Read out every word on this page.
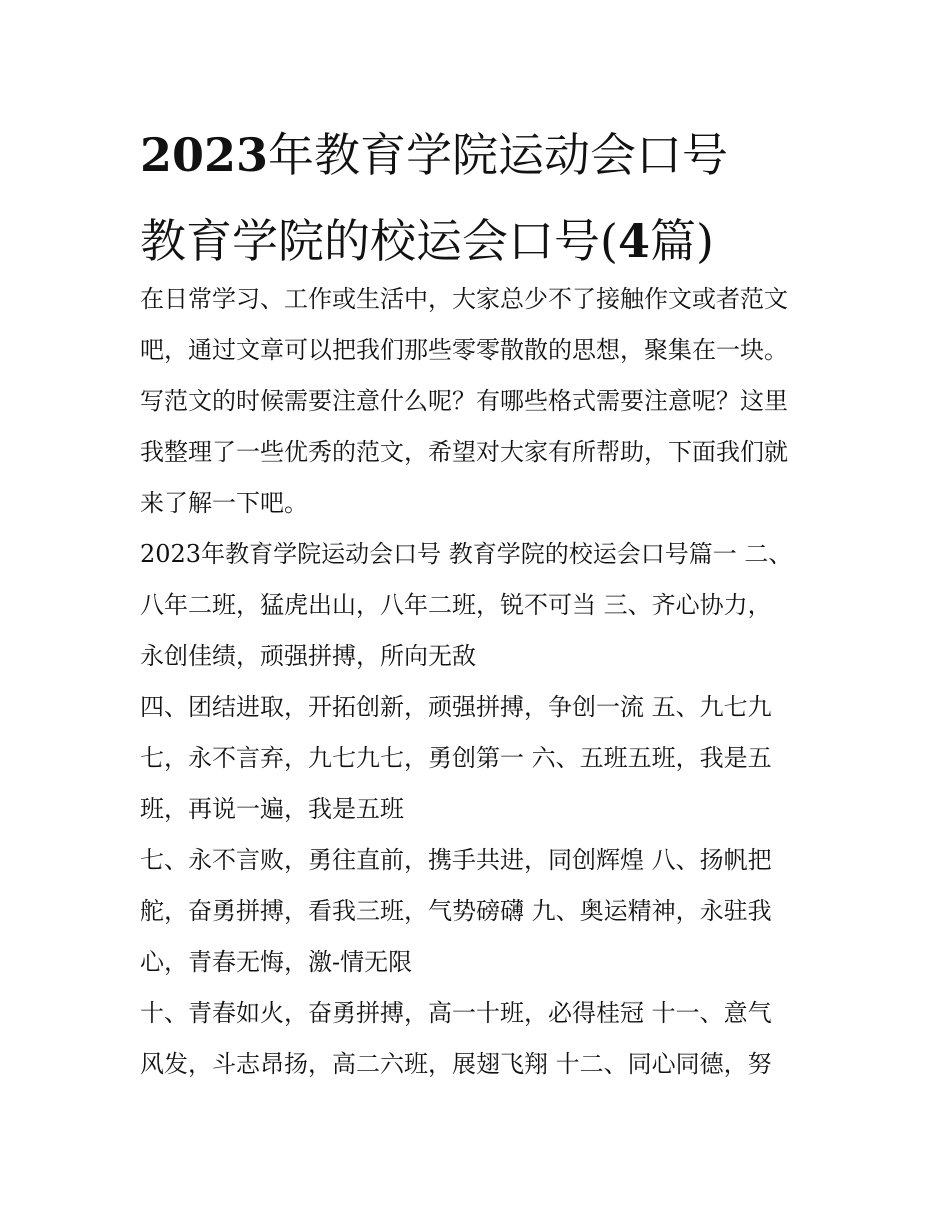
2023年教育学院运动会口号
教育学院的校运会口号(4篇)

在日常学习、工作或生活中，大家总少不了接触作文或者范文
吧，通过文章可以把我们那些零零散散的思想，聚集在一块。
写范文的时候需要注意什么呢？有哪些格式需要注意呢？这里
我整理了一些优秀的范文，希望对大家有所帮助，下面我们就
来了解一下吧。

2023年教育学院运动会口号 教育学院的校运会口号篇一 二、
八年二班，猛虎出山，八年二班，锐不可当 三、齐心协力，
永创佳绩，顽强拼搏，所向无敌

四、团结进取，开拓创新，顽强拼搏，争创一流 五、九七九
七，永不言弃，九七九七，勇创第一 六、五班五班，我是五
班，再说一遍，我是五班

七、永不言败，勇往直前，携手共进，同创辉煌 八、扬帆把
舵，奋勇拼搏，看我三班，气势磅礴 九、奥运精神，永驻我
心，青春无悔，激-情无限

十、青春如火，奋勇拼搏，高一十班，必得桂冠 十一、意气
风发，斗志昂扬，高二六班，展翅飞翔 十二、同心同德，努
